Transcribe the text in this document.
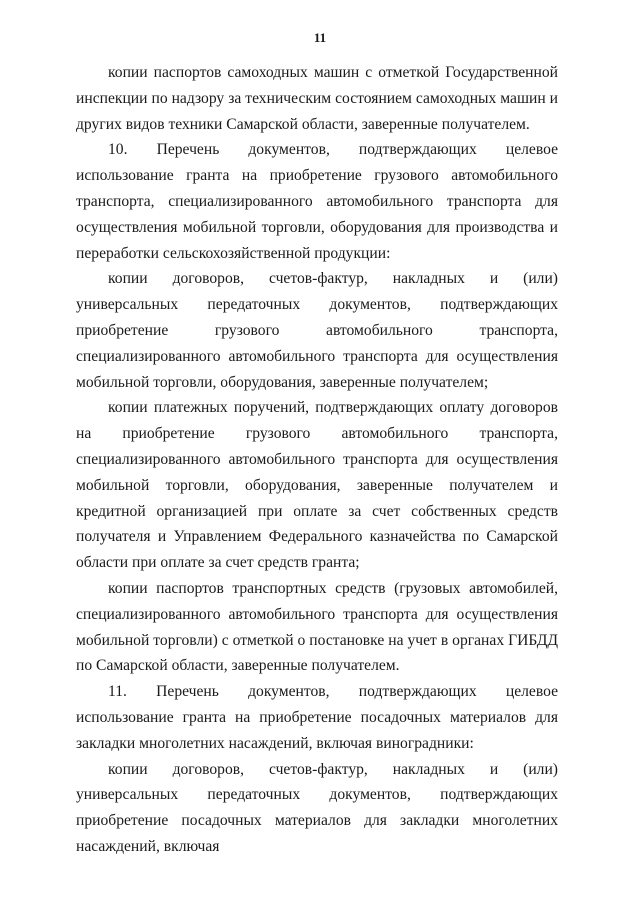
11

копии паспортов самоходных машин с отметкой Государственной инспекции по надзору за техническим состоянием самоходных машин и других видов техники Самарской области, заверенные получателем.

10. Перечень документов, подтверждающих целевое использование гранта на приобретение грузового автомобильного транспорта, специализированного автомобильного транспорта для осуществления мобильной торговли, оборудования для производства и переработки сельскохозяйственной продукции:

копии договоров, счетов-фактур, накладных и (или) универсальных передаточных документов, подтверждающих приобретение грузового автомобильного транспорта, специализированного автомобильного транспорта для осуществления мобильной торговли, оборудования, заверенные получателем;

копии платежных поручений, подтверждающих оплату договоров на приобретение грузового автомобильного транспорта, специализированного автомобильного транспорта для осуществления мобильной торговли, оборудования, заверенные получателем и кредитной организацией при оплате за счет собственных средств получателя и Управлением Федерального казначейства по Самарской области при оплате за счет средств гранта;

копии паспортов транспортных средств (грузовых автомобилей, специализированного автомобильного транспорта для осуществления мобильной торговли) с отметкой о постановке на учет в органах ГИБДД по Самарской области, заверенные получателем.

11. Перечень документов, подтверждающих целевое использование гранта на приобретение посадочных материалов для закладки многолетних насаждений, включая виноградники:

копии договоров, счетов-фактур, накладных и (или) универсальных передаточных документов, подтверждающих приобретение посадочных материалов для закладки многолетних насаждений, включая
